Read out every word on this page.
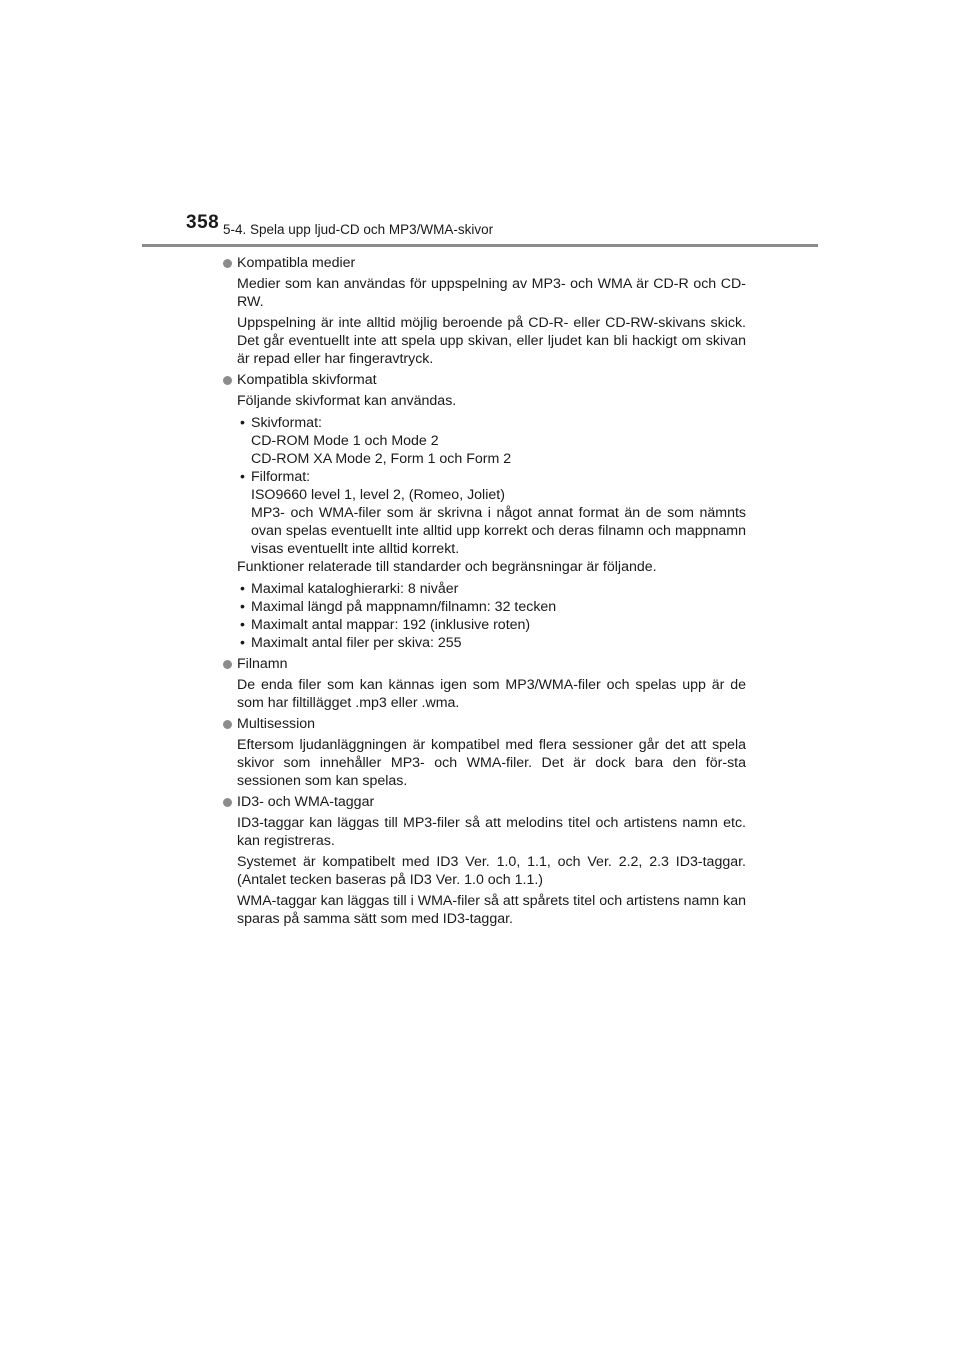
358 5-4. Spela upp ljud-CD och MP3/WMA-skivor
Kompatibla medier

Medier som kan användas för uppspelning av MP3- och WMA är CD-R och CD-RW.

Uppspelning är inte alltid möjlig beroende på CD-R- eller CD-RW-skivans skick. Det går eventuellt inte att spela upp skivan, eller ljudet kan bli hackigt om skivan är repad eller har fingeravtryck.

Kompatibla skivformat

Följande skivformat kan användas.

• Skivformat:
CD-ROM Mode 1 och Mode 2
CD-ROM XA Mode 2, Form 1 och Form 2
• Filformat:
ISO9660 level 1, level 2, (Romeo, Joliet)
MP3- och WMA-filer som är skrivna i något annat format än de som nämnts ovan spelas eventuellt inte alltid upp korrekt och deras filnamn och mappnamn visas eventuellt inte alltid korrekt.

Funktioner relaterade till standarder och begränsningar är följande.

• Maximal kataloghierarki: 8 nivåer
• Maximal längd på mappnamn/filnamn: 32 tecken
• Maximalt antal mappar: 192 (inklusive roten)
• Maximalt antal filer per skiva: 255
Filnamn

De enda filer som kan kännas igen som MP3/WMA-filer och spelas upp är de som har filtillägget .mp3 eller .wma.

Multisession

Eftersom ljudanläggningen är kompatibel med flera sessioner går det att spela skivor som innehåller MP3- och WMA-filer. Det är dock bara den för-sta sessionen som kan spelas.

ID3- och WMA-taggar

ID3-taggar kan läggas till MP3-filer så att melodins titel och artistens namn etc. kan registreras.

Systemet är kompatibelt med ID3 Ver. 1.0, 1.1, och Ver. 2.2, 2.3 ID3-taggar. (Antalet tecken baseras på ID3 Ver. 1.0 och 1.1.)

WMA-taggar kan läggas till i WMA-filer så att spårets titel och artistens namn kan sparas på samma sätt som med ID3-taggar.
